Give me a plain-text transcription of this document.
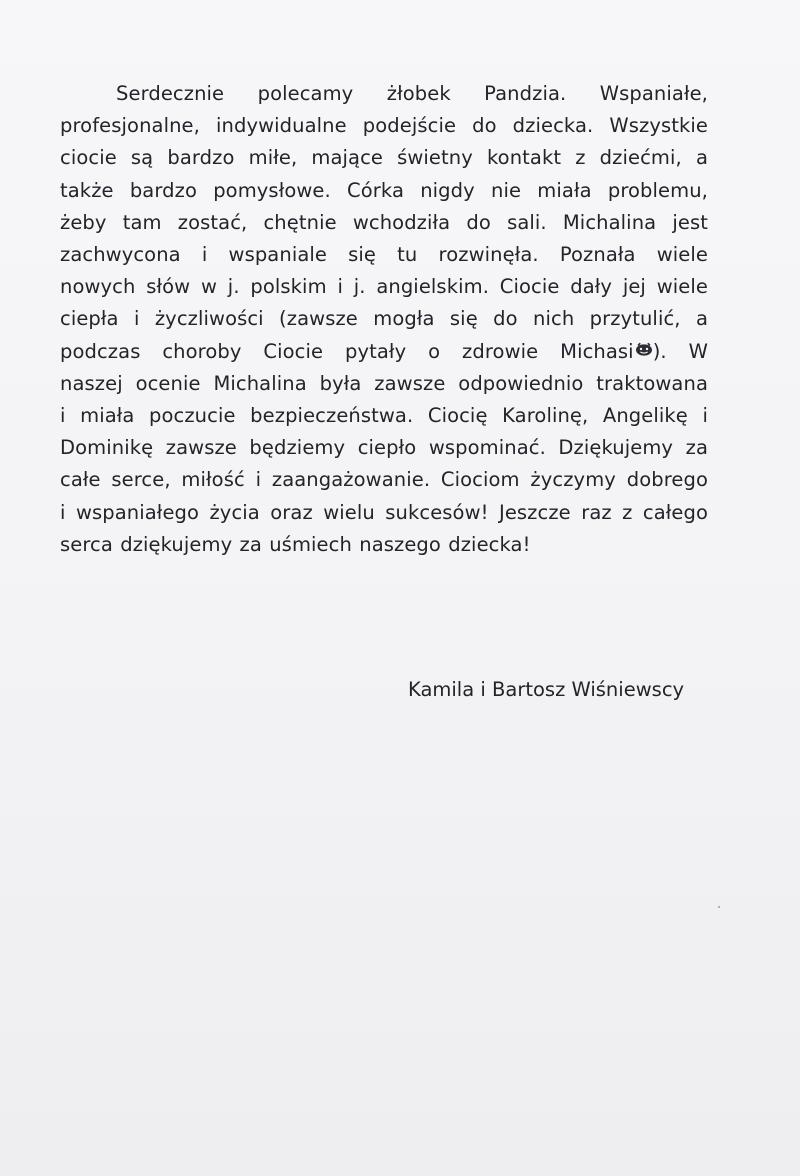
Serdecznie polecamy żłobek Pandzia. Wspaniałe,
profesjonalne, indywidualne podejście do dziecka. Wszystkie
ciocie są bardzo miłe, mające świetny kontakt z dziećmi, a
także bardzo pomysłowe. Córka nigdy nie miała problemu,
żeby tam zostać, chętnie wchodziła do sali. Michalina jest
zachwycona i wspaniale się tu rozwinęła. Poznała wiele
nowych słów w j. polskim i j. angielskim. Ciocie dały jej wiele
ciepła i życzliwości (zawsze mogła się do nich przytulić, a
podczas choroby Ciocie pytały o zdrowie Michasi ). W
naszej ocenie Michalina była zawsze odpowiednio traktowana
i miała poczucie bezpieczeństwa. Ciocię Karolinę, Angelikę i
Dominikę zawsze będziemy ciepło wspominać. Dziękujemy za
całe serce, miłość i zaangażowanie. Ciociom życzymy dobrego
i wspaniałego życia oraz wielu sukcesów! Jeszcze raz z całego
serca dziękujemy za uśmiech naszego dziecka!

Kamila i Bartosz Wiśniewscy
